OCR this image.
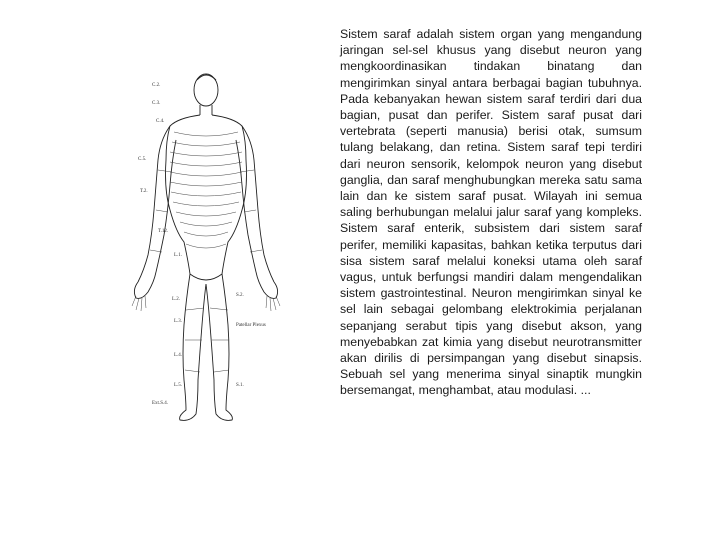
C.2.
C.3.
C.4.
C.5.
T.2.
T.12.
L.1.
L.2.
L.3.
L.4.
L.5.	S.1.
S.2.
Patellar Plexus
Ext.S.4.

Sistem saraf adalah sistem organ yang mengandung jaringan sel-sel khusus yang disebut neuron yang mengkoordinasikan tindakan binatang dan mengirimkan sinyal antara berbagai bagian tubuhnya. Pada kebanyakan hewan sistem saraf terdiri dari dua bagian, pusat dan perifer. Sistem saraf pusat dari vertebrata (seperti manusia) berisi otak, sumsum tulang belakang, dan retina. Sistem saraf tepi terdiri dari neuron sensorik, kelompok neuron yang disebut ganglia, dan saraf menghubungkan mereka satu sama lain dan ke sistem saraf pusat. Wilayah ini semua saling berhubungan melalui jalur saraf yang kompleks. Sistem saraf enterik, subsistem dari sistem saraf perifer, memiliki kapasitas, bahkan ketika terputus dari sisa sistem saraf melalui koneksi utama oleh saraf vagus, untuk berfungsi mandiri dalam mengendalikan sistem gastrointestinal. Neuron mengirimkan sinyal ke sel lain sebagai gelombang elektrokimia perjalanan sepanjang serabut tipis yang disebut akson, yang menyebabkan zat kimia yang disebut neurotransmitter akan dirilis di persimpangan yang disebut sinapsis. Sebuah sel yang menerima sinyal sinaptik mungkin bersemangat, menghambat, atau modulasi. ...
